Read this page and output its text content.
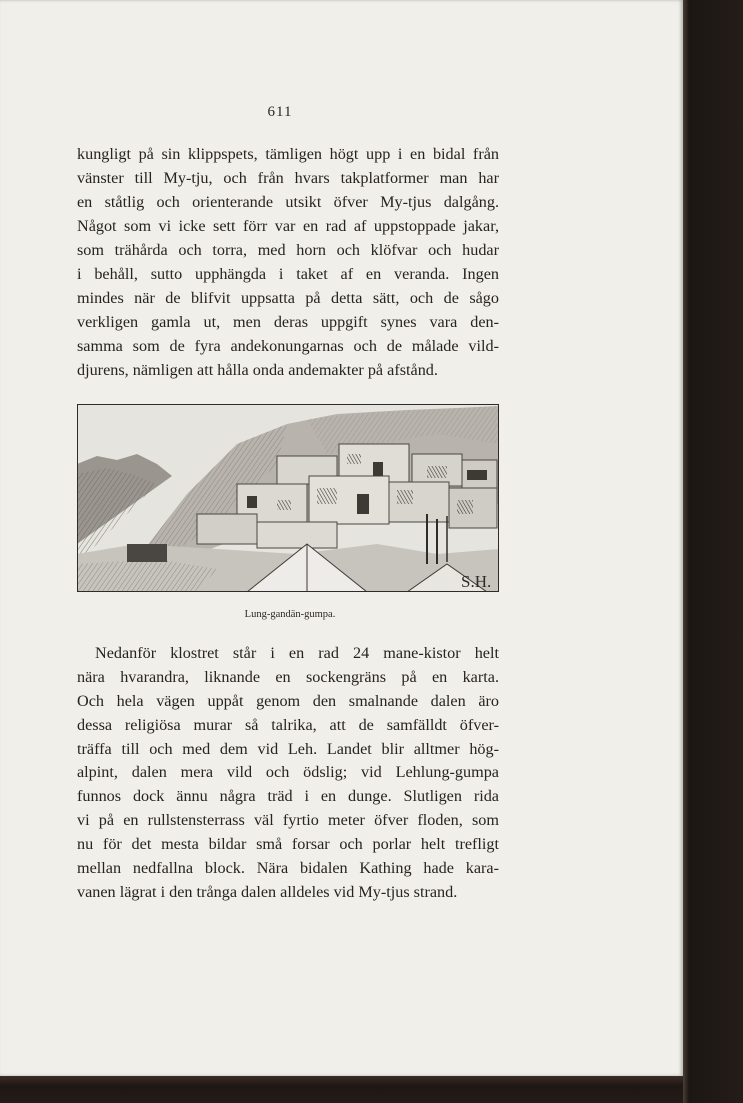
611
kungligt på sin klippspets, tämligen högt upp i en bidal från
vänster till My-tju, och från hvars takplatformer man har
en ståtlig och orienterande utsikt öfver My-tjus dalgång.
Något som vi icke sett förr var en rad af uppstoppade jakar,
som trähårda och torra, med horn och klöfvar och hudar
i behåll, sutto upphängda i taket af en veranda. Ingen
mindes när de blifvit uppsatta på detta sätt, och de sågo
verkligen gamla ut, men deras uppgift synes vara den-
samma som de fyra andekonungarnas och de målade vild-
djurens, nämligen att hålla onda andemakter på afstånd.
S.H.
Lung-gandän-gumpa.
Nedanför klostret står i en rad 24 mane-kistor helt
nära hvarandra, liknande en sockengräns på en karta.
Och hela vägen uppåt genom den smalnande dalen äro
dessa religiösa murar så talrika, att de samfälldt öfver-
träffa till och med dem vid Leh. Landet blir alltmer hög-
alpint, dalen mera vild och ödslig; vid Lehlung-gumpa
funnos dock ännu några träd i en dunge. Slutligen rida
vi på en rullstensterrass väl fyrtio meter öfver floden, som
nu för det mesta bildar små forsar och porlar helt trefligt
mellan nedfallna block. Nära bidalen Kathing hade kara-
vanen lägrat i den trånga dalen alldeles vid My-tjus strand.
